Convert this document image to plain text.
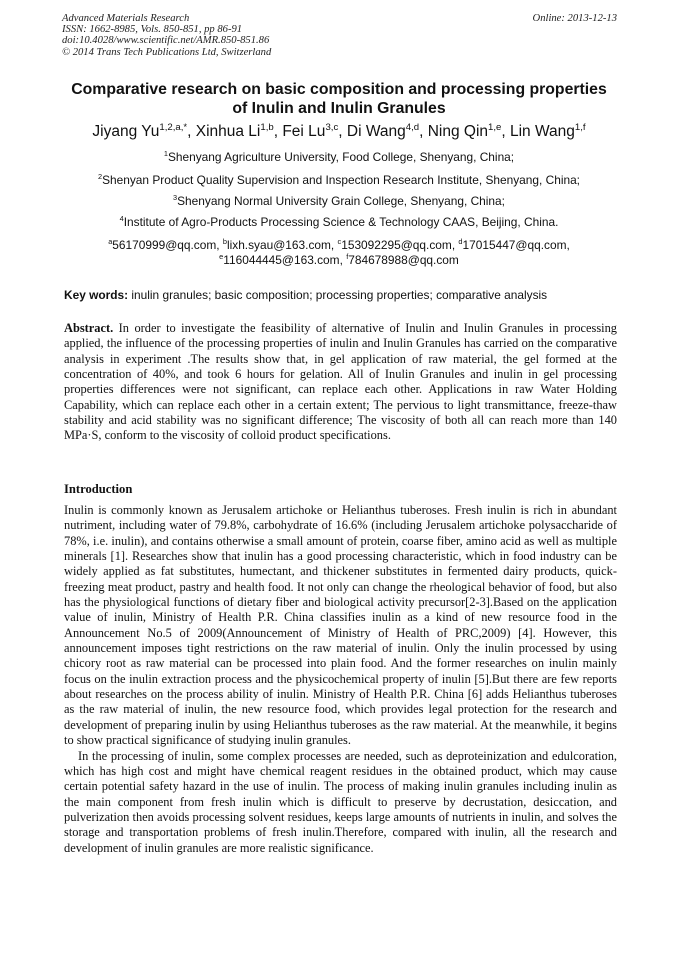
Advanced Materials Research	Online: 2013-12-13
ISSN: 1662-8985, Vols. 850-851, pp 86-91
doi:10.4028/www.scientific.net/AMR.850-851.86
© 2014 Trans Tech Publications Ltd, Switzerland
Comparative research on basic composition and processing properties
of Inulin and Inulin Granules
Jiyang $Yu^{1,2,a,*}$, Xinhua Li$^{1,b}$, Fei Lu$^{3,c}$, Di Wang$^{4,d}$, Ning Qin$^{1,e}$, Lin Wang$^{1,f}$
$^1$Shenyang Agriculture University, Food College, Shenyang, China;
$^2$Shenyan Product Quality Supervision and Inspection Research Institute, Shenyang, China;
$^3$Shenyang Normal University Grain College, Shenyang, China;
$^4$Institute of Agro-Products Processing Science & Technology CAAS, Beijing, China.
$^a$56170999@qq.com, $^b$lixh.syau@163.com, $^c$153092295@qq.com, $^d$17015447@qq.com,
$^e$116044445@163.com, $^f$784678988@qq.com
Key words: inulin granules; basic composition; processing properties; comparative analysis
Abstract. In order to investigate the feasibility of alternative of Inulin and Inulin Granules in processing applied, the influence of the processing properties of inulin and Inulin Granules has carried on the comparative analysis in experiment .The results show that, in gel application of raw material, the gel formed at the concentration of 40%, and took 6 hours for gelation. All of Inulin Granules and inulin in gel processing properties differences were not significant, can replace each other. Applications in raw Water Holding Capability, which can replace each other in a certain extent; The pervious to light transmittance, freeze-thaw stability and acid stability was no significant difference; The viscosity of both all can reach more than 140 MPa·S, conform to the viscosity of colloid product specifications.
Introduction

Inulin is commonly known as Jerusalem artichoke or Helianthus tuberoses. Fresh inulin is rich in abundant nutriment, including water of 79.8%, carbohydrate of 16.6% (including Jerusalem artichoke polysaccharide of 78%, i.e. inulin), and contains otherwise a small amount of protein, coarse fiber, amino acid as well as multiple minerals [1]. Researches show that inulin has a good processing characteristic, which in food industry can be widely applied as fat substitutes, humectant, and thickener substitutes in fermented dairy products, quick-freezing meat product, pastry and health food. It not only can change the rheological behavior of food, but also has the physiological functions of dietary fiber and biological activity precursor[2-3].Based on the application value of inulin, Ministry of Health P.R. China classifies inulin as a kind of new resource food in the Announcement No.5 of 2009(Announcement of Ministry of Health of PRC,2009) [4]. However, this announcement imposes tight restrictions on the raw material of inulin. Only the inulin processed by using chicory root as raw material can be processed into plain food. And the former researches on inulin mainly focus on the inulin extraction process and the physicochemical property of inulin [5].But there are few reports about researches on the process ability of inulin. Ministry of Health P.R. China [6] adds Helianthus tuberoses as the raw material of inulin, the new resource food, which provides legal protection for the research and development of preparing inulin by using Helianthus tuberoses as the raw material. At the meanwhile, it begins to show practical significance of studying inulin granules.

In the processing of inulin, some complex processes are needed, such as deproteinization and edulcoration, which has high cost and might have chemical reagent residues in the obtained product, which may cause certain potential safety hazard in the use of inulin. The process of making inulin granules including inulin as the main component from fresh inulin which is difficult to preserve by decrustation, desiccation, and pulverization then avoids processing solvent residues, keeps large amounts of nutrients in inulin, and solves the storage and transportation problems of fresh inulin.Therefore, compared with inulin, all the research and development of inulin granules are more realistic significance.
